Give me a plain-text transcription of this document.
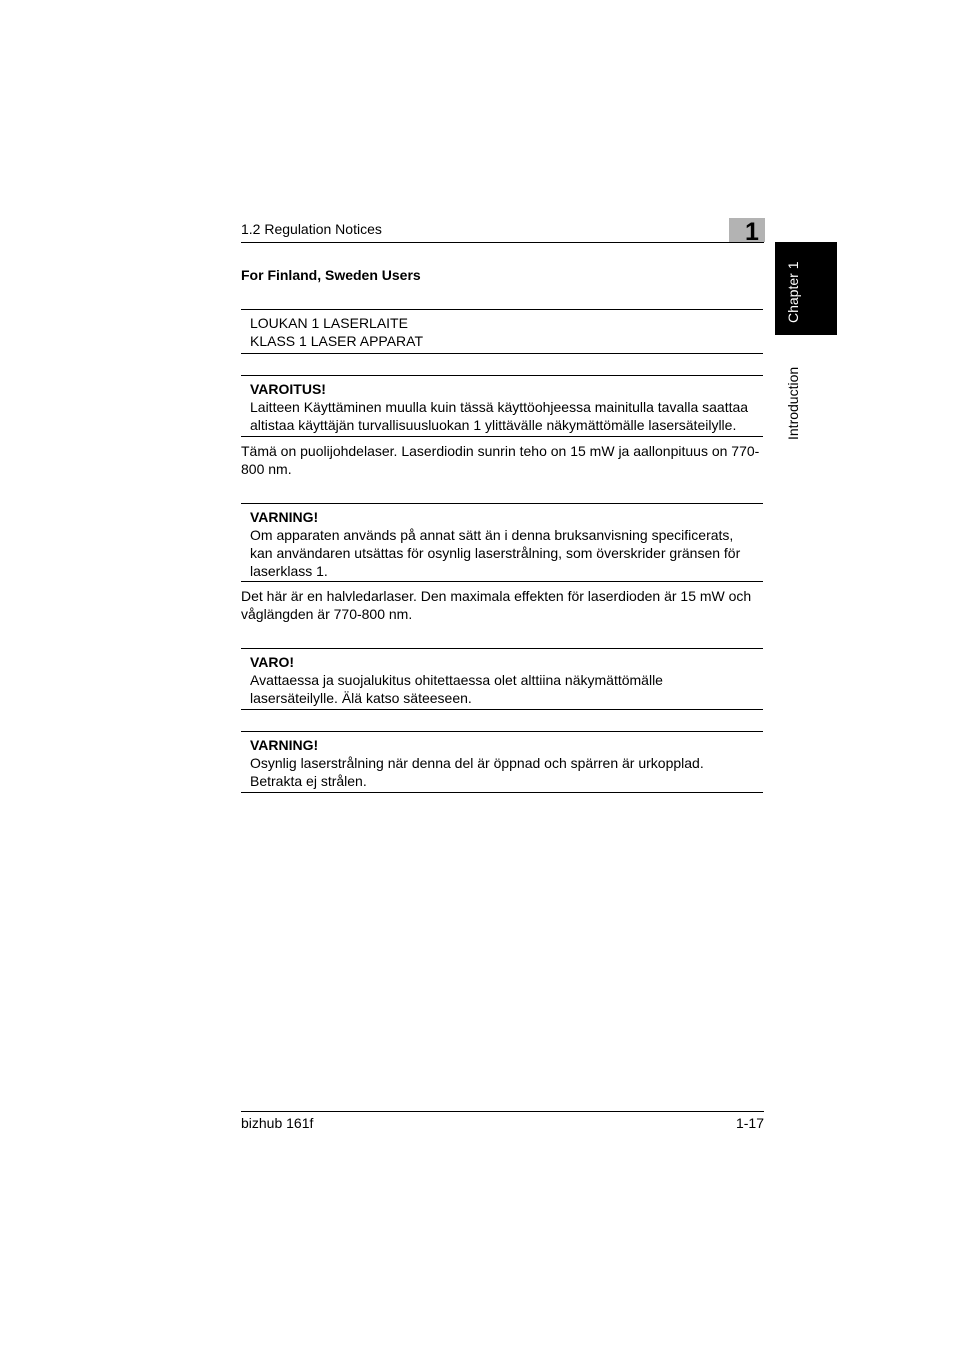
1.2 Regulation Notices	1
Chapter 1
Introduction
For Finland, Sweden Users
LOUKAN 1 LASERLAITE
KLASS 1 LASER APPARAT
VAROITUS!
Laitteen Käyttäminen muulla kuin tässä käyttöohjeessa mainitulla tavalla saattaa
altistaa käyttäjän turvallisuusluokan 1 ylittävälle näkymättömälle lasersäteilylle.
Tämä on puolijohdelaser. Laserdiodin sunrin teho on 15 mW ja aallonpituus on 770-
800 nm.
VARNING!
Om apparaten används på annat sätt än i denna bruksanvisning specificerats,
kan användaren utsättas för osynlig laserstrålning, som överskrider gränsen för
laserklass 1.
Det här är en halvledarlaser. Den maximala effekten för laserdioden är 15 mW och
våglängden är 770-800 nm.
VARO!
Avattaessa ja suojalukitus ohitettaessa olet alttiina näkymättömälle
lasersäteilylle. Älä katso säteeseen.
VARNING!
Osynlig laserstrålning när denna del är öppnad och spärren är urkopplad.
Betrakta ej strålen.
bizhub 161f	1-17
